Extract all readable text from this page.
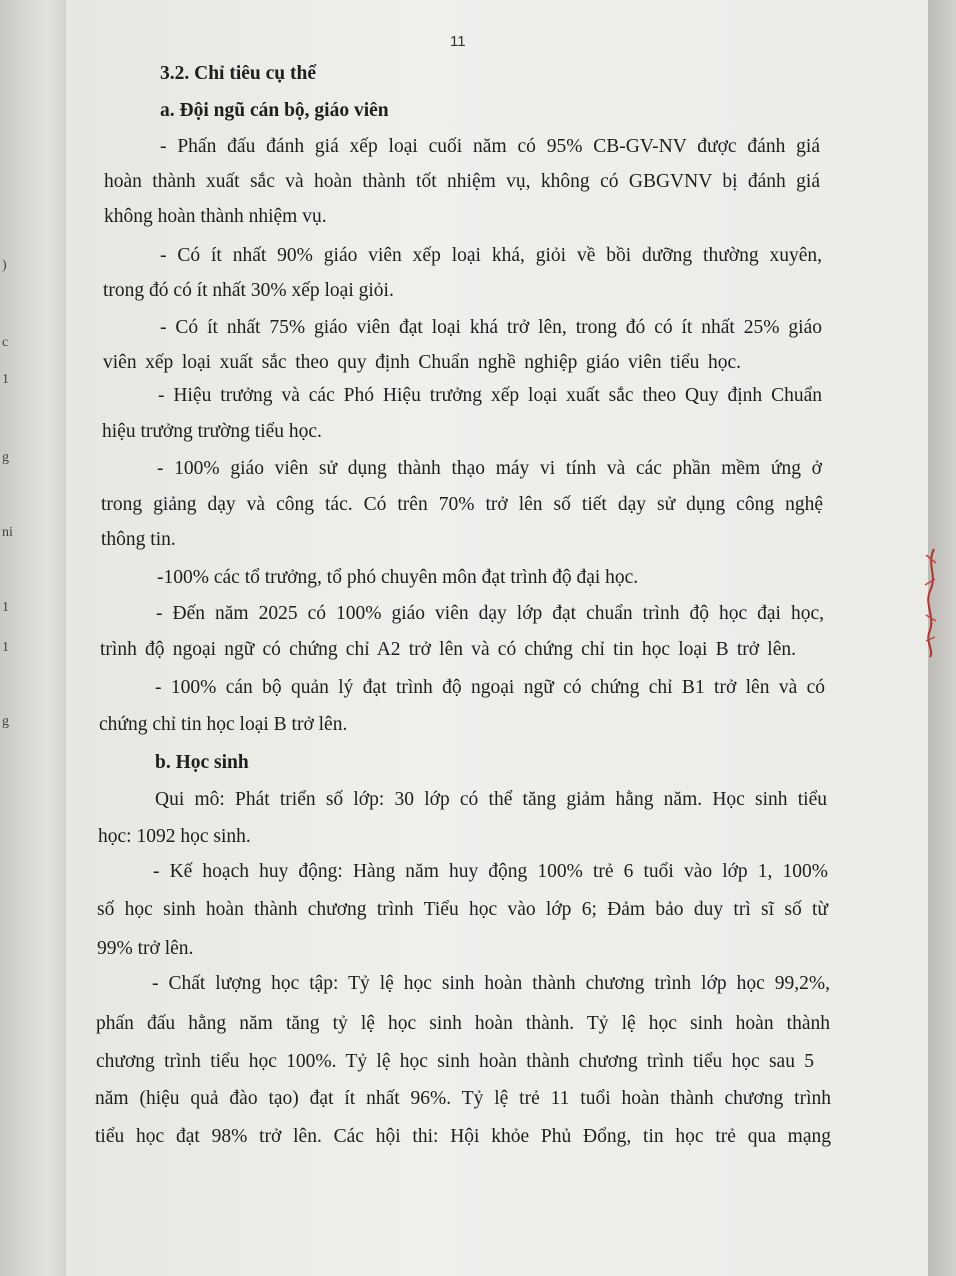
)
c
1
g
ni
1
1
g
11
3.2. Chỉ tiêu cụ thể
a. Đội ngũ cán bộ, giáo viên
- Phấn đấu đánh giá xếp loại cuối năm có 95% CB-GV-NV được đánh giá
hoàn thành xuất sắc và hoàn thành tốt nhiệm vụ, không có GBGVNV bị đánh giá
không hoàn thành nhiệm vụ.
- Có ít nhất 90% giáo viên xếp loại khá, giỏi về bồi dưỡng thường xuyên,
trong đó có ít nhất 30% xếp loại giỏi.
- Có ít nhất 75% giáo viên đạt loại khá trở lên, trong đó có ít nhất 25% giáo
viên xếp loại xuất sắc theo quy định Chuẩn nghề nghiệp giáo viên tiểu học.
- Hiệu trưởng và các Phó Hiệu trưởng xếp loại xuất sắc theo Quy định Chuẩn
hiệu trưởng trường tiểu học.
- 100% giáo viên sử dụng thành thạo máy vi tính và các phần mềm ứng ở
trong giảng dạy và công tác. Có trên 70% trở lên số tiết dạy sử dụng công nghệ
thông tin.
-100% các tổ trưởng, tổ phó chuyên môn đạt trình độ đại học.
- Đến năm 2025 có 100% giáo viên dạy lớp đạt chuẩn trình độ học đại học,
trình độ ngoại ngữ có chứng chỉ A2 trở lên và có chứng chỉ tin học loại B trở lên.
- 100% cán bộ quản lý đạt trình độ ngoại ngữ có chứng chỉ B1 trở lên và có
chứng chỉ tin học loại B trở lên.
b. Học sinh
Qui mô: Phát triển số lớp: 30 lớp có thể tăng giảm hằng năm. Học sinh tiểu
học: 1092 học sinh.
- Kế hoạch huy động: Hàng năm huy động 100% trẻ 6 tuổi vào lớp 1, 100%
số học sinh hoàn thành chương trình Tiểu học vào lớp 6; Đảm bảo duy trì sĩ số từ
99% trở lên.
- Chất lượng học tập: Tỷ lệ học sinh hoàn thành chương trình lớp học 99,2%,
phấn đấu hằng năm tăng tỷ lệ học sinh hoàn thành. Tỷ lệ học sinh hoàn thành
chương trình tiểu học 100%. Tỷ lệ học sinh hoàn thành chương trình tiểu học sau 5
năm (hiệu quả đào tạo) đạt ít nhất 96%. Tỷ lệ trẻ 11 tuổi hoàn thành chương trình
tiểu học đạt 98% trở lên. Các hội thi: Hội khỏe Phủ Đổng, tin học trẻ qua mạng
